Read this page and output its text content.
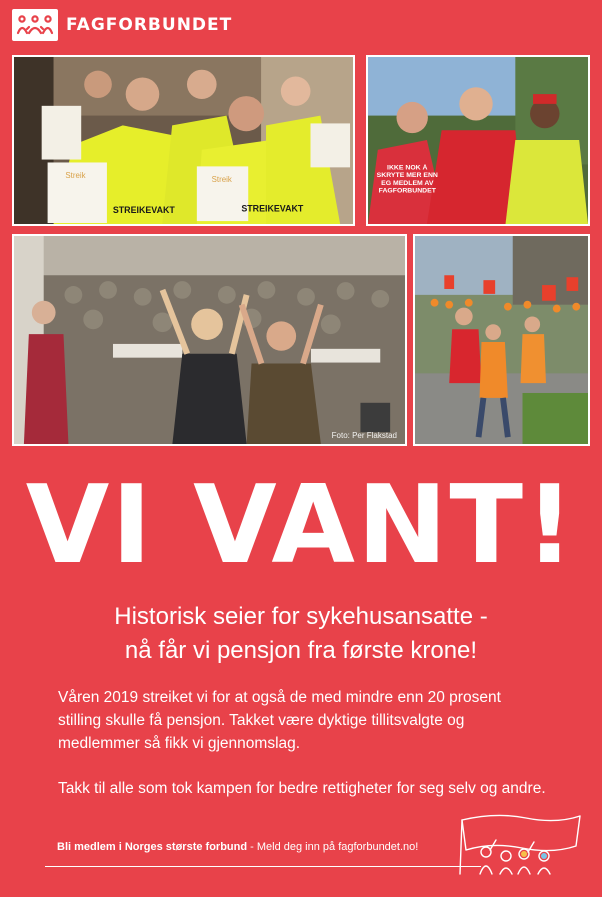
FAGFORBUNDET
Streik	Streik
STREIKEVAKT	STREIKEVAKT
IKKE NOK Å SKRYTE MER ENN EG MEDLEM AV FAGFORBUNDET
Foto: Per Flakstad
VI VANT!
Historisk seier for sykehusansatte -
nå får vi pensjon fra første krone!

Våren 2019 streiket vi for at også de med mindre enn 20 prosent stilling skulle få pensjon. Takket være dyktige tillitsvalgte og medlemmer så fikk vi gjennomslag.

Takk til alle som tok kampen for bedre rettigheter for seg selv og andre.
Bli medlem i Norges største forbund - Meld deg inn på fagforbundet.no!
